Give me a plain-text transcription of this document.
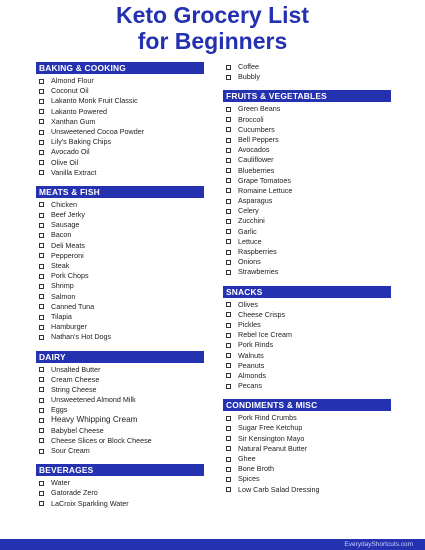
Keto Grocery List
for Beginners
BAKING & COOKING
Almond Flour
Coconut Oil
Lakanto Monk Fruit Classic
Lakanto Powered
Xanthan Gum
Unsweetened Cocoa Powder
Lily's Baking Chips
Avocado Oil
Olive Oil
Vanilla Extract
MEATS & FISH
Chicken
Beef Jerky
Sausage
Bacon
Deli Meats
Pepperoni
Steak
Pork Chops
Shrimp
Salmon
Canned Tuna
Tilapia
Hamburger
Nathan's Hot Dogs
DAIRY
Unsalted Butter
Cream Cheese
String Cheese
Unsweetened Almond Milk
Eggs
Heavy Whipping Cream
Babybel Cheese
Cheese Slices or Block Cheese
Sour Cream
BEVERAGES
Water
Gatorade Zero
LaCroix Sparkling Water
Coffee
Bubbly
FRUITS & VEGETABLES
Green Beans
Broccoli
Cucumbers
Bell Peppers
Avocados
Cauliflower
Blueberries
Grape Tomatoes
Romaine Lettuce
Asparagus
Celery
Zucchini
Garlic
Lettuce
Raspberries
Onions
Strawberries
SNACKS
Olives
Cheese Crisps
Pickles
Rebel Ice Cream
Pork Rinds
Walnuts
Peanuts
Almonds
Pecans
CONDIMENTS & MISC
Pork Rind Crumbs
Sugar Free Ketchup
Sir Kensington Mayo
Natural Peanut Butter
Ghee
Bone Broth
Spices
Low Carb Salad Dressing
EverydayShortcuts.com
